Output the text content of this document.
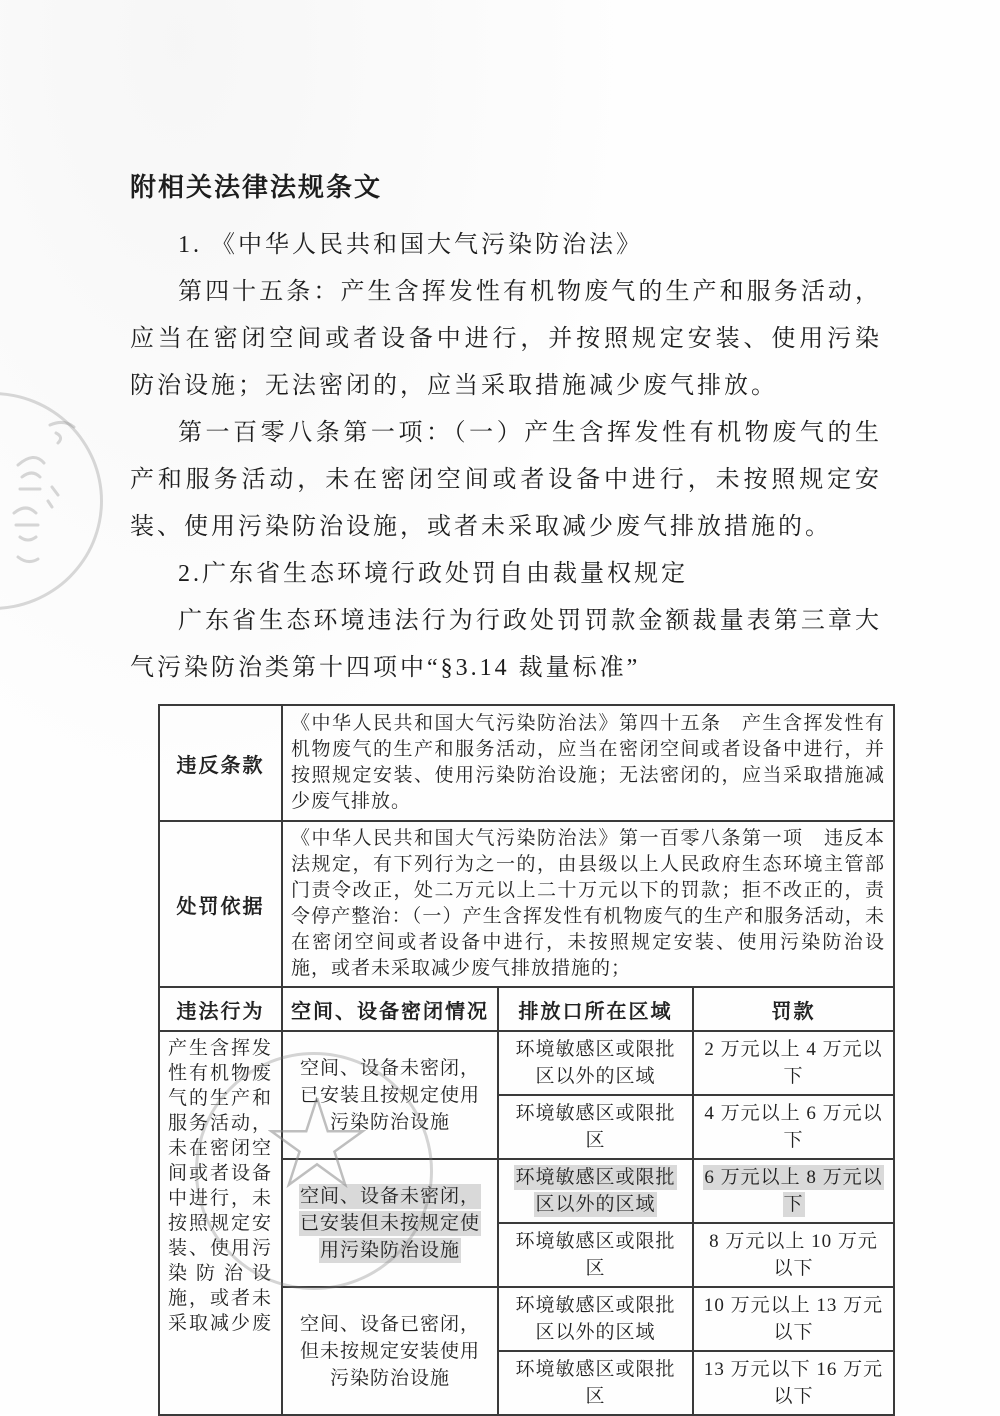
附相关法律法规条文

1. 《中华人民共和国大气污染防治法》

第四十五条：产生含挥发性有机物废气的生产和服务活动，应当在密闭空间或者设备中进行，并按照规定安装、使用污染防治设施；无法密闭的，应当采取措施减少废气排放。

第一百零八条第一项：（一）产生含挥发性有机物废气的生产和服务活动，未在密闭空间或者设备中进行，未按照规定安装、使用污染防治设施，或者未采取减少废气排放措施的。

2.广东省生态环境行政处罚自由裁量权规定

广东省生态环境违法行为行政处罚罚款金额裁量表第三章大气污染防治类第十四项中“§3.14 裁量标准”

违反条款	《中华人民共和国大气污染防治法》第四十五条　产生含挥发性有机物废气的生产和服务活动，应当在密闭空间或者设备中进行，并按照规定安装、使用污染防治设施；无法密闭的，应当采取措施减少废气排放。		
处罚依据	《中华人民共和国大气污染防治法》第一百零八条第一项　违反本法规定，有下列行为之一的，由县级以上人民政府生态环境主管部门责令改正，处二万元以上二十万元以下的罚款；拒不改正的，责令停产整治：（一）产生含挥发性有机物废气的生产和服务活动，未在密闭空间或者设备中进行，未按照规定安装、使用污染防治设施，或者未采取减少废气排放措施的；		
违法行为	空间、设备密闭情况	排放口所在区域	罚款
产生含挥发性有机物废气的生产和服务活动，未在密闭空间或者设备中进行，未按照规定安装、使用污染防治设施，或者未采取减少废	空间、设备未密闭，已安装且按规定使用污染防治设施	环境敏感区或限批区以外的区域	2 万元以上 4 万元以下
		环境敏感区或限批区	4 万元以上 6 万元以下
	空间、设备未密闭，已安装但未按规定使用污染防治设施	环境敏感区或限批区以外的区域	6 万元以上 8 万元以下
		环境敏感区或限批区	8 万元以上 10 万元以下
	空间、设备已密闭，但未按规定安装使用污染防治设施	环境敏感区或限批区以外的区域	10 万元以上 13 万元以下
		环境敏感区或限批区	13 万元以下 16 万元以下
